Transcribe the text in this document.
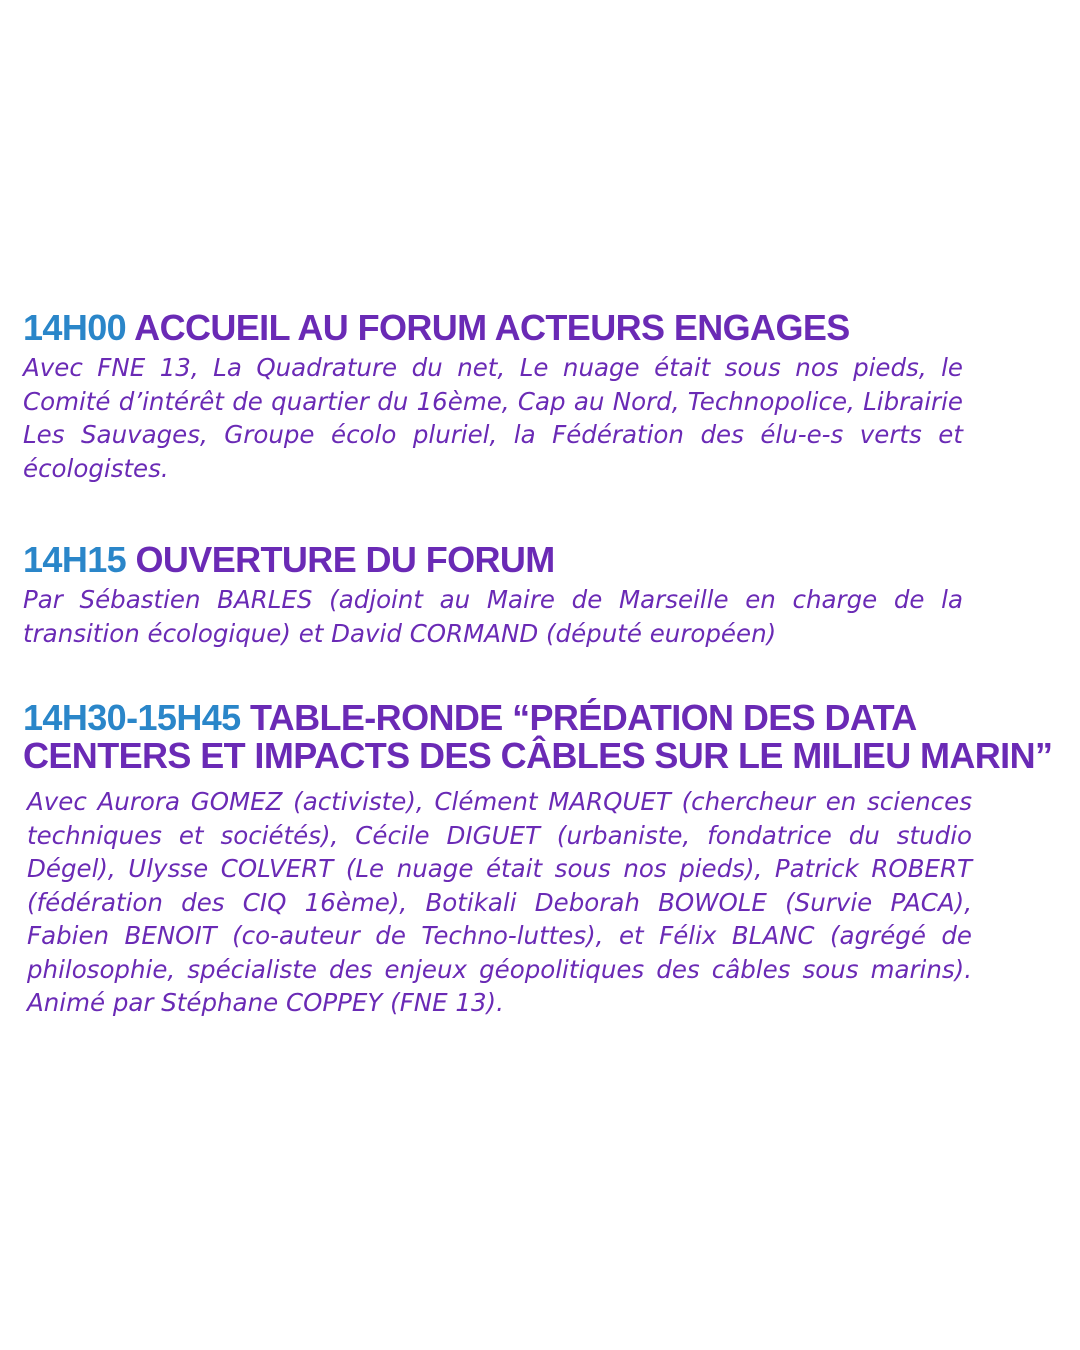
14H00 ACCUEIL AU FORUM ACTEURS ENGAGES

Avec FNE 13, La Quadrature du net, Le nuage était sous nos pieds, le Comité d’intérêt de quartier du 16ème, Cap au Nord, Technopolice, Librairie Les Sauvages, Groupe écolo pluriel, la Fédération des élu-e-s verts et écologistes.

14H15 OUVERTURE DU FORUM

Par Sébastien BARLES (adjoint au Maire de Marseille en charge de la transition écologique) et David CORMAND (député européen)

14H30-15H45 TABLE-RONDE “PRÉDATION DES DATA CENTERS ET IMPACTS DES CÂBLES SUR LE MILIEU MARIN”

Avec Aurora GOMEZ (activiste), Clément MARQUET (chercheur en sciences techniques et sociétés), Cécile DIGUET (urbaniste, fondatrice du studio Dégel), Ulysse COLVERT (Le nuage était sous nos pieds), Patrick ROBERT (fédération des CIQ 16ème), Botikali Deborah BOWOLE (Survie PACA), Fabien BENOIT (co-auteur de Techno-luttes), et Félix BLANC (agrégé de philosophie, spécialiste des enjeux géopolitiques des câbles sous marins). Animé par Stéphane COPPEY (FNE 13).
